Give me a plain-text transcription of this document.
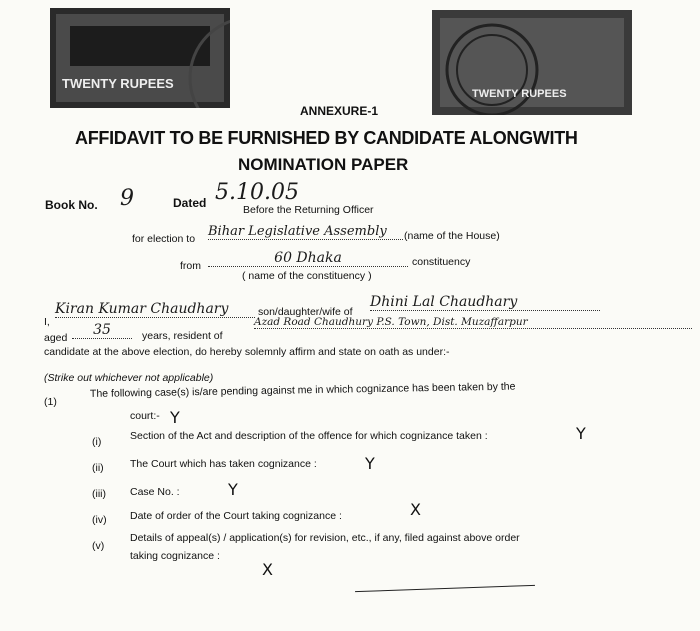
TWENTY RUPEES
TWENTY RUPEES
ANNEXURE-1
AFFIDAVIT TO BE FURNISHED BY CANDIDATE ALONGWITH
NOMINATION PAPER
Book No. 9	Dated 5.10.05
Before the Returning Officer
for election to Bihar Legislative Assembly	(name of the House)
from	60 Dhaka	constituency
( name of the constituency )
I,
Kiran Kumar Chaudhary	son/daughter/wife of
Dhini Lal Chaudhary
aged	35	years, resident of
Azad Road Chaudhury P.S. Town, Dist. Muzaffarpur
candidate at the above election, do hereby solemnly affirm and state on oath as under:-
(Strike out whichever not applicable)
(1)
The following case(s) is/are pending against me in which cognizance has been taken by the
court:- Y
(i)	Section of the Act and description of the offence for which cognizance taken :	Y
(ii)	The Court which has taken cognizance :	Y
(iii) Case No. :	Y
(iv) Date of order of the Court taking cognizance :	X
(v)
Details of appeal(s) / application(s) for revision, etc., if any, filed against above order
taking cognizance :
X
